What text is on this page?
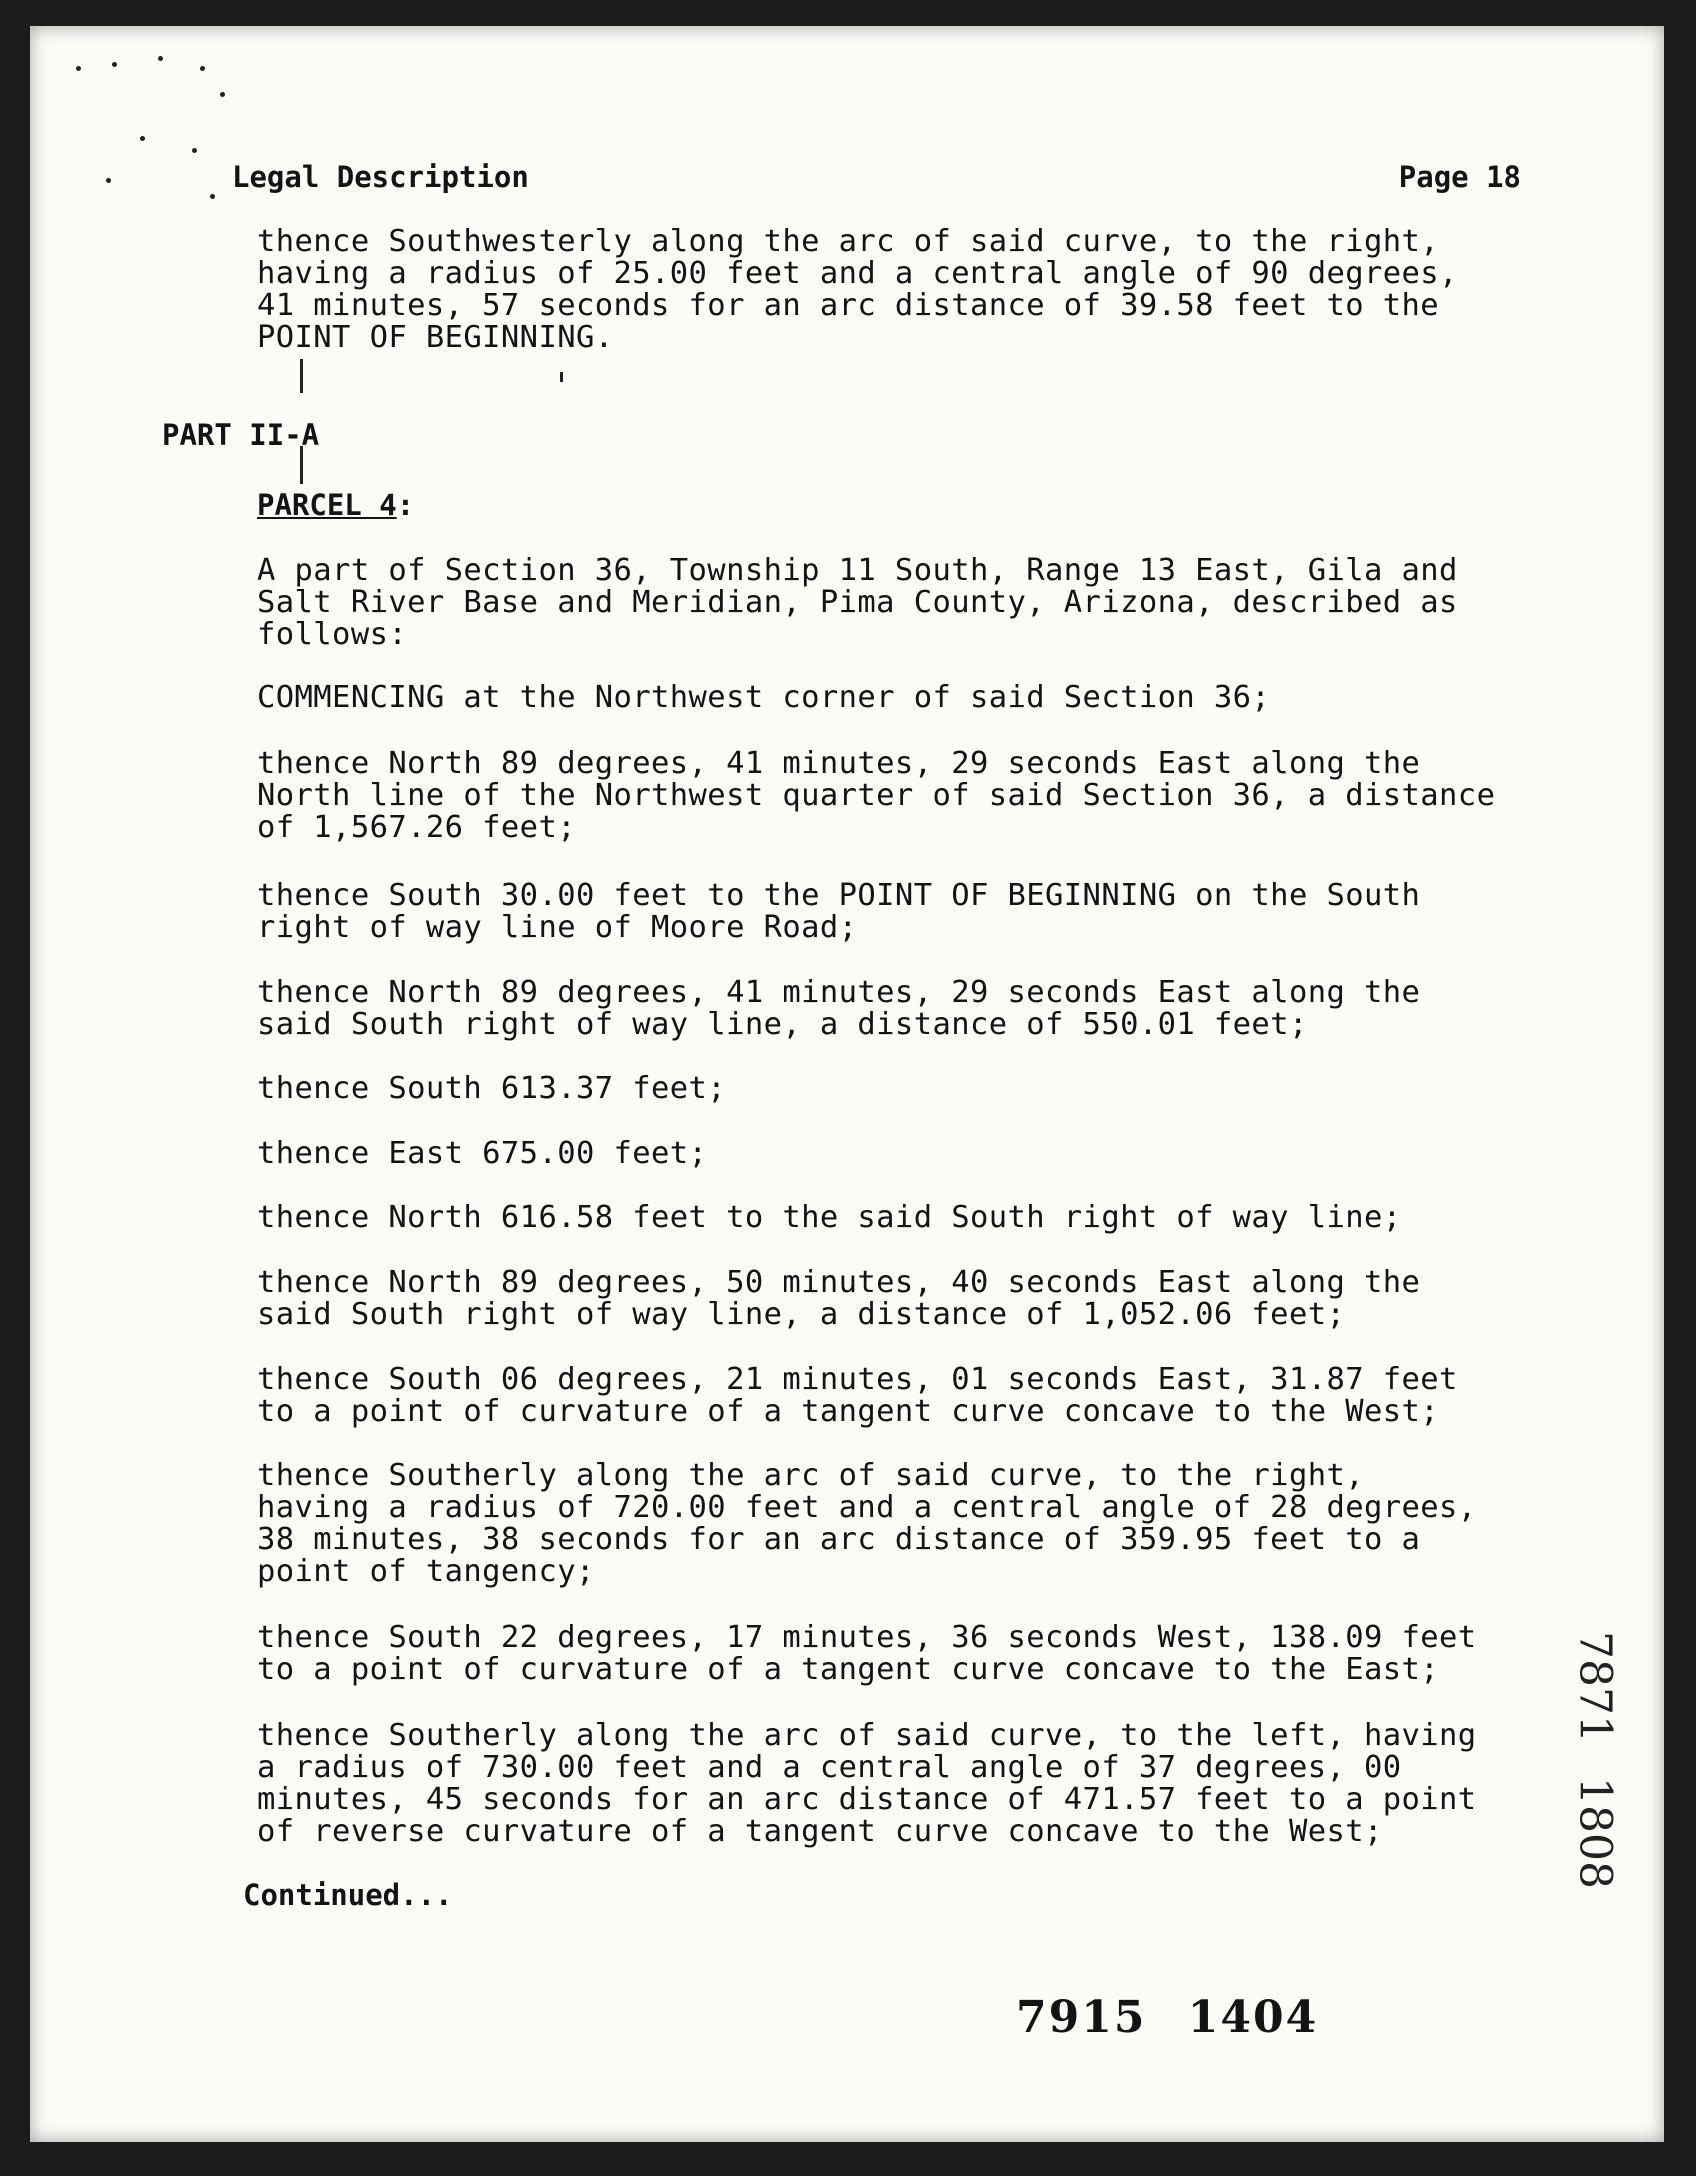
Legal Description	Page 18
thence Southwesterly along the arc of said curve, to the right,
having a radius of 25.00 feet and a central angle of 90 degrees,
41 minutes, 57 seconds for an arc distance of 39.58 feet to the
POINT OF BEGINNING.
PART II-A
PARCEL 4:
A part of Section 36, Township 11 South, Range 13 East, Gila and
Salt River Base and Meridian, Pima County, Arizona, described as
follows:
COMMENCING at the Northwest corner of said Section 36;
thence North 89 degrees, 41 minutes, 29 seconds East along the
North line of the Northwest quarter of said Section 36, a distance
of 1,567.26 feet;
thence South 30.00 feet to the POINT OF BEGINNING on the South
right of way line of Moore Road;
thence North 89 degrees, 41 minutes, 29 seconds East along the
said South right of way line, a distance of 550.01 feet;
thence South 613.37 feet;
thence East 675.00 feet;
thence North 616.58 feet to the said South right of way line;
thence North 89 degrees, 50 minutes, 40 seconds East along the
said South right of way line, a distance of 1,052.06 feet;
thence South 06 degrees, 21 minutes, 01 seconds East, 31.87 feet
to a point of curvature of a tangent curve concave to the West;
thence Southerly along the arc of said curve, to the right,
having a radius of 720.00 feet and a central angle of 28 degrees,
38 minutes, 38 seconds for an arc distance of 359.95 feet to a
point of tangency;
thence South 22 degrees, 17 minutes, 36 seconds West, 138.09 feet
to a point of curvature of a tangent curve concave to the East;
thence Southerly along the arc of said curve, to the left, having
a radius of 730.00 feet and a central angle of 37 degrees, 00
minutes, 45 seconds for an arc distance of 471.57 feet to a point
of reverse curvature of a tangent curve concave to the West;
Continued...
7915 1404
7871 1808
